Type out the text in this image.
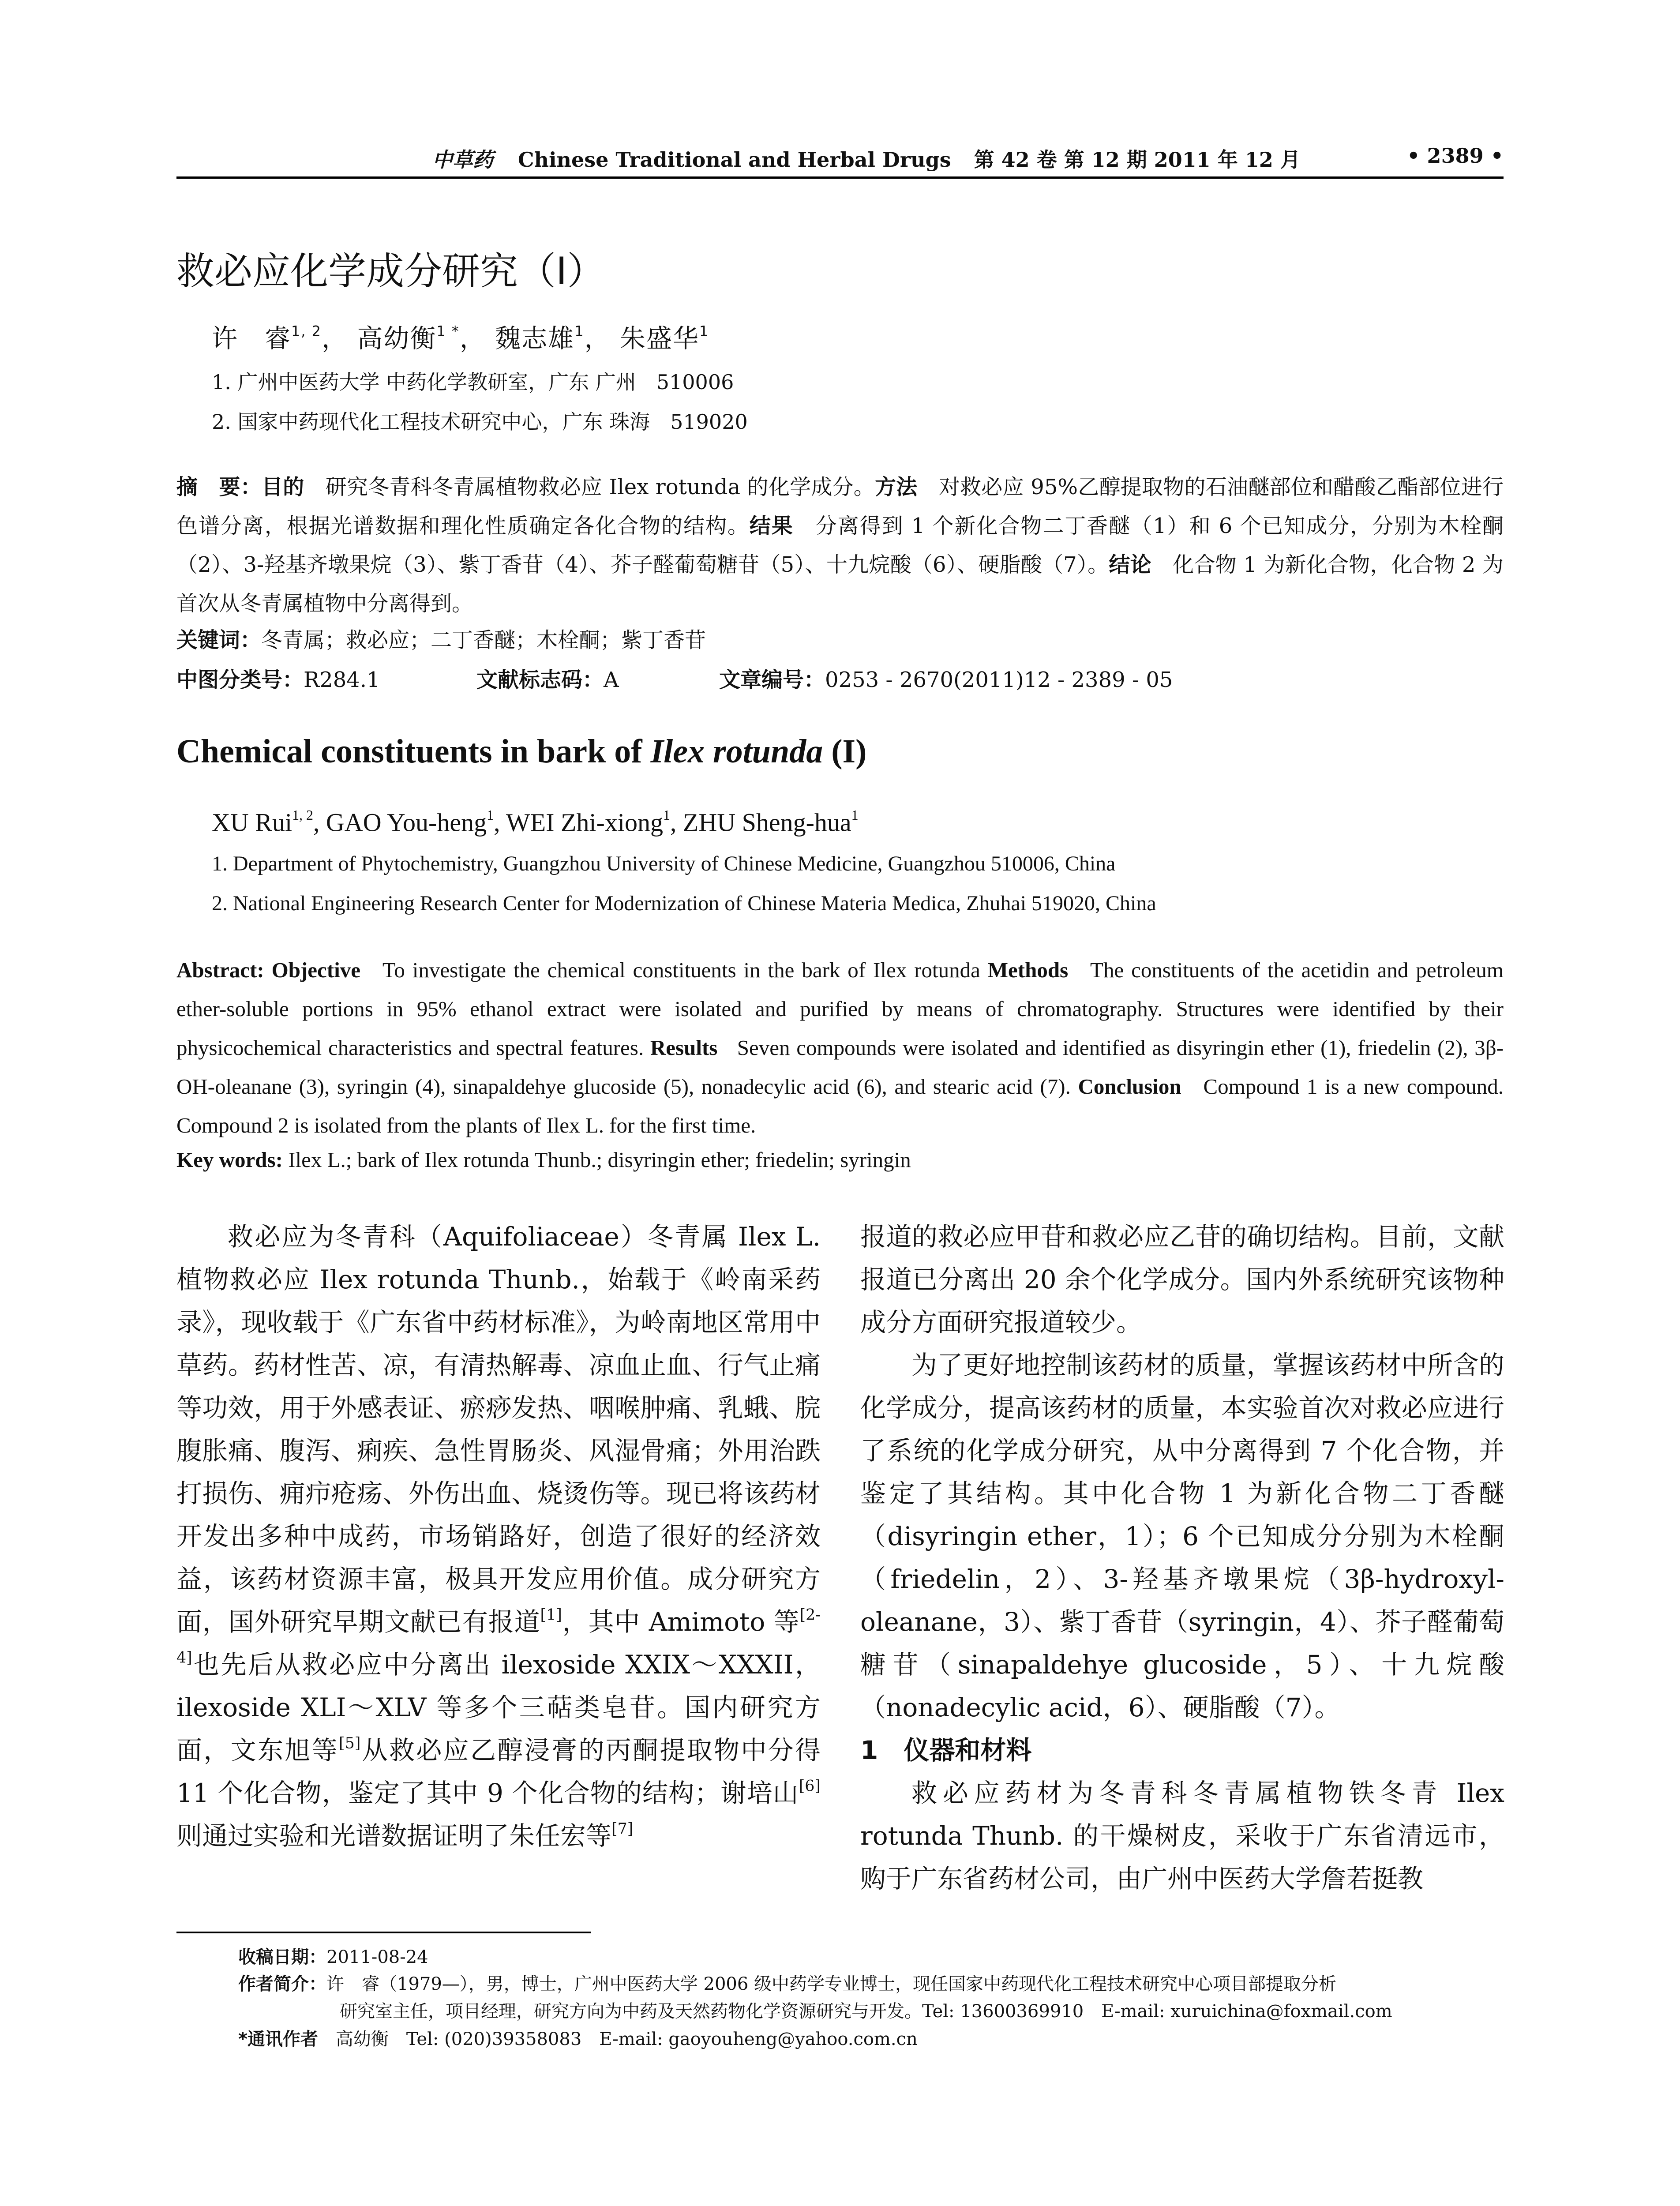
中草药 Chinese Traditional and Herbal Drugs 第 42 卷 第 12 期 2011 年 12 月	• 2389 •
救必应化学成分研究（I）
许　睿$^{1, 2}$， 高幼衡$^{1 *}$， 魏志雄$^1$， 朱盛华$^1$
1. 广州中医药大学 中药化学教研室，广东 广州　510006
2. 国家中药现代化工程技术研究中心，广东 珠海　519020
摘　要：目的　 研究冬青科冬青属植物救必应 Ilex rotunda 的化学成分。方法　 对救必应 95%乙醇提取物的石油醚部位和醋酸乙酯部位进行色谱分离，根据光谱数据和理化性质确定各化合物的结构。结果　 分离得到 1 个新化合物二丁香醚（1）和 6 个已知成分，分别为木栓酮（2）、3-羟基齐墩果烷（3）、紫丁香苷（4）、芥子醛葡萄糖苷（5）、十九烷酸（6）、硬脂酸（7）。结论　 化合物 1 为新化合物，化合物 2 为首次从冬青属植物中分离得到。
关键词：冬青属；救必应；二丁香醚；木栓酮；紫丁香苷
中图分类号：R284.1	文献标志码：A	文章编号：0253 - 2670(2011)12 - 2389 - 05
Chemical constituents in bark of Ilex rotunda (I)
XU Rui$^{1, 2}$, GAO You-heng$^1$, WEI Zhi-xiong$^1$, ZHU Sheng-hua$^1$
1. Department of Phytochemistry, Guangzhou University of Chinese Medicine, Guangzhou 510006, China
2. National Engineering Research Center for Modernization of Chinese Materia Medica, Zhuhai 519020, China
Abstract: Objective To investigate the chemical constituents in the bark of Ilex rotunda Methods The constituents of the acetidin and petroleum ether-soluble portions in 95% ethanol extract were isolated and purified by means of chromatography. Structures were identified by their physicochemical characteristics and spectral features. Results Seven compounds were isolated and identified as disyringin ether (1), friedelin (2), 3β-OH-oleanane (3), syringin (4), sinapaldehye glucoside (5), nonadecylic acid (6), and stearic acid (7). Conclusion Compound 1 is a new compound. Compound 2 is isolated from the plants of Ilex L. for the first time.
Key words: Ilex L.; bark of Ilex rotunda Thunb.; disyringin ether; friedelin; syringin

救必应为冬青科（Aquifoliaceae）冬青属 Ilex L. 植物救必应 Ilex rotunda Thunb.，始载于《岭南采药录》，现收载于《广东省中药材标准》，为岭南地区常用中草药。药材性苦、凉，有清热解毒、凉血止血、行气止痛等功效，用于外感表证、瘀痧发热、咽喉肿痛、乳蛾、脘腹胀痛、腹泻、痢疾、急性胃肠炎、风湿骨痛；外用治跌打损伤、痈疖疮疡、外伤出血、烧烫伤等。现已将该药材开发出多种中成药，市场销路好，创造了很好的经济效益，该药材资源丰富，极具开发应用价值。成分研究方面，国外研究早期文献已有报道[1]，其中 Amimoto 等[2-4]也先后从救必应中分离出 ilexoside XXIX～XXXII，ilexoside XLI～XLV 等多个三萜类皂苷。国内研究方面，文东旭等[5]从救必应乙醇浸膏的丙酮提取物中分得 11 个化合物，鉴定了其中 9 个化合物的结构；谢培山[6]则通过实验和光谱数据证明了朱任宏等[7]

报道的救必应甲苷和救必应乙苷的确切结构。目前，文献报道已分离出 20 余个化学成分。国内外系统研究该物种成分方面研究报道较少。

为了更好地控制该药材的质量，掌握该药材中所含的化学成分，提高该药材的质量，本实验首次对救必应进行了系统的化学成分研究，从中分离得到 7 个化合物，并鉴定了其结构。其中化合物 1 为新化合物二丁香醚（disyringin ether，1）；6 个已知成分分别为木栓酮（friedelin，2）、3-羟基齐墩果烷（3β-hydroxyl-oleanane，3）、紫丁香苷（syringin，4）、芥子醛葡萄糖苷（sinapaldehye glucoside，5）、十九烷酸（nonadecylic acid，6）、硬脂酸（7）。

1　仪器和材料

救必应药材为冬青科冬青属植物铁冬青 Ilex rotunda Thunb. 的干燥树皮，采收于广东省清远市，购于广东省药材公司，由广州中医药大学詹若挺教

收稿日期：2011-08-24
作者简介：许　睿（1979—），男，博士，广州中医药大学 2006 级中药学专业博士，现任国家中药现代化工程技术研究中心项目部提取分析
研究室主任，项目经理，研究方向为中药及天然药物化学资源研究与开发。Tel: 13600369910　E-mail: xuruichina@foxmail.com
*通讯作者　 高幼衡　Tel: (020)39358083　E-mail: gaoyouheng@yahoo.com.cn
